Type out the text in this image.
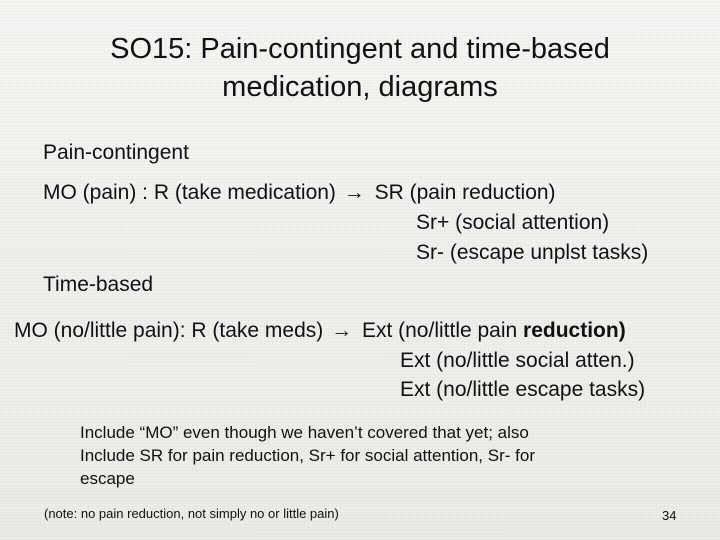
SO15: Pain-contingent and time-based
medication, diagrams
Pain-contingent
MO (pain) : R (take medication) → SR (pain reduction)
Sr+ (social attention)
Sr- (escape unplst tasks)
Time-based
MO (no/little pain): R (take meds) → Ext (no/little pain reduction)
Ext (no/little social atten.)
Ext (no/little escape tasks)
Include “MO” even though we haven’t covered that yet; also
Include SR for pain reduction, Sr+ for social attention, Sr- for
escape
(note: no pain reduction, not simply no or little pain)	34
